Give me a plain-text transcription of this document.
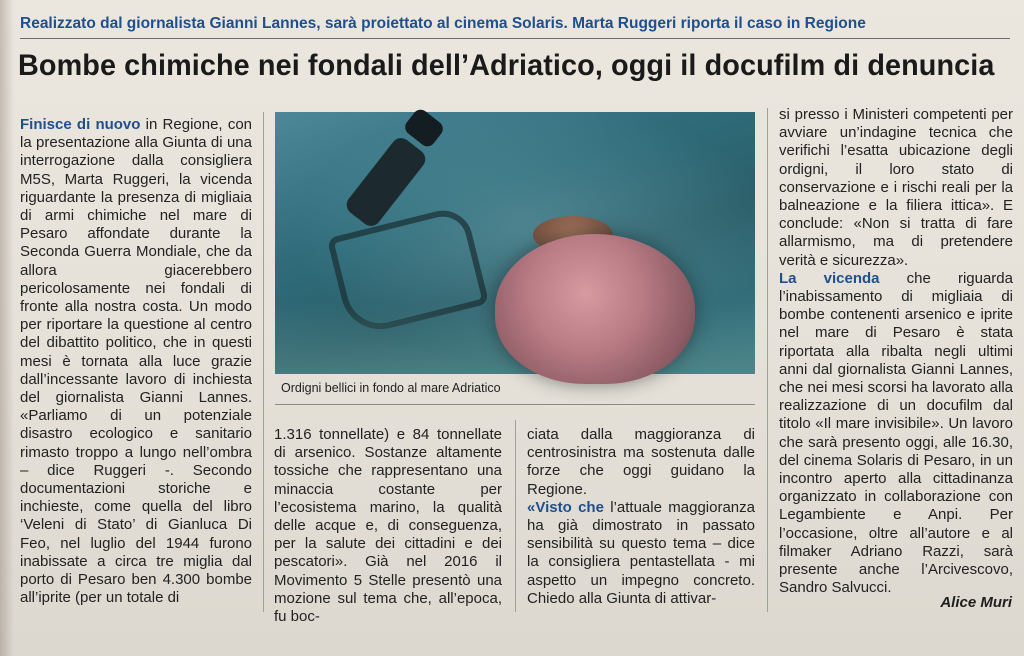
Realizzato dal giornalista Gianni Lannes, sarà proiettato al cinema Solaris. Marta Ruggeri riporta il caso in Regione
Bombe chimiche nei fondali dell’Adriatico, oggi il docufilm di denuncia
Finisce di nuovo in Regione, con la presentazione alla Giunta di una interrogazione dalla consigliera M5S, Marta Ruggeri, la vicenda riguardante la presenza di migliaia di armi chimiche nel mare di Pesaro affondate durante la Seconda Guerra Mondiale, che da allora giacerebbero pericolosamente nei fondali di fronte alla nostra costa. Un modo per riportare la questione al centro del dibattito politico, che in questi mesi è tornata alla luce grazie dall’incessante lavoro di inchiesta del giornalista Gianni Lannes. «Parliamo di un potenziale disastro ecologico e sanitario rimasto troppo a lungo nell’ombra – dice Ruggeri -. Secondo documentazioni storiche e inchieste, come quella del libro ‘Veleni di Stato’ di Gianluca Di Feo, nel luglio del 1944 furono inabissate a circa tre miglia dal porto di Pesaro ben 4.300 bombe all’iprite (per un totale di
Ordigni bellici in fondo al mare Adriatico
1.316 tonnellate) e 84 tonnellate di arsenico. Sostanze altamente tossiche che rappresentano una minaccia costante per l’ecosistema marino, la qualità delle acque e, di conseguenza, per la salute dei cittadini e dei pescatori». Già nel 2016 il Movimento 5 Stelle presentò una mozione sul tema che, all’epoca, fu boc-
ciata dalla maggioranza di centrosinistra ma sostenuta dalle forze che oggi guidano la Regione.
«Visto che l’attuale maggioranza ha già dimostrato in passato sensibilità su questo tema – dice la consigliera pentastellata - mi aspetto un impegno concreto. Chiedo alla Giunta di attivar-
si presso i Ministeri competenti per avviare un’indagine tecnica che verifichi l’esatta ubicazione degli ordigni, il loro stato di conservazione e i rischi reali per la balneazione e la filiera ittica». E conclude: «Non si tratta di fare allarmismo, ma di pretendere verità e sicurezza».
La vicenda che riguarda l’inabissamento di migliaia di bombe contenenti arsenico e iprite nel mare di Pesaro è stata riportata alla ribalta negli ultimi anni dal giornalista Gianni Lannes, che nei mesi scorsi ha lavorato alla realizzazione di un docufilm dal titolo «Il mare invisibile». Un lavoro che sarà presento oggi, alle 16.30, del cinema Solaris di Pesaro, in un incontro aperto alla cittadinanza organizzato in collaborazione con Legambiente e Anpi. Per l’occasione, oltre all’autore e al filmaker Adriano Razzi, sarà presente anche l’Arcivescovo, Sandro Salvucci.
Alice Muri
